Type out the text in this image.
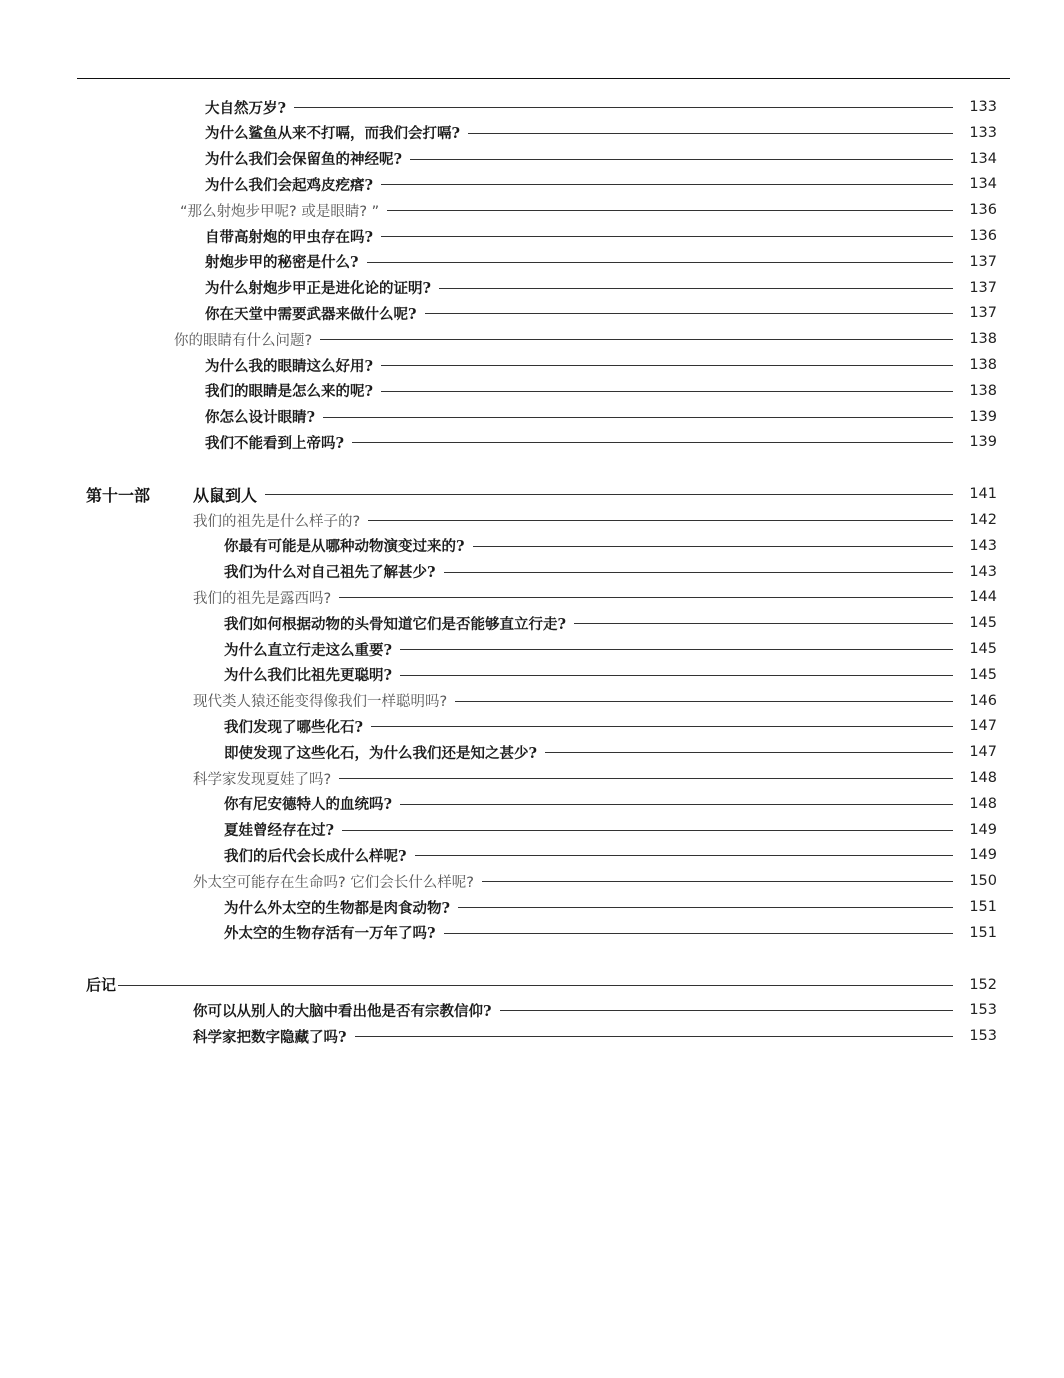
大自然万岁?	133
为什么鲨鱼从来不打嗝，而我们会打嗝?	133
为什么我们会保留鱼的神经呢?	134
为什么我们会起鸡皮疙瘩?	134
“那么射炮步甲呢? 或是眼睛? ”	136
自带高射炮的甲虫存在吗?	136
射炮步甲的秘密是什么?	137
为什么射炮步甲正是进化论的证明?	137
你在天堂中需要武器来做什么呢?	137
你的眼睛有什么问题?	138
为什么我的眼睛这么好用?	138
我们的眼睛是怎么来的呢?	138
你怎么设计眼睛?	139
我们不能看到上帝吗?	139
第十一部	从鼠到人	141
我们的祖先是什么样子的?	142
你最有可能是从哪种动物演变过来的?	143
我们为什么对自己祖先了解甚少?	143
我们的祖先是露西吗?	144
我们如何根据动物的头骨知道它们是否能够直立行走?	145
为什么直立行走这么重要?	145
为什么我们比祖先更聪明?	145
现代类人猿还能变得像我们一样聪明吗?	146
我们发现了哪些化石?	147
即使发现了这些化石，为什么我们还是知之甚少?	147
科学家发现夏娃了吗?	148
你有尼安德特人的血统吗?	148
夏娃曾经存在过?	149
我们的后代会长成什么样呢?	149
外太空可能存在生命吗? 它们会长什么样呢?	150
为什么外太空的生物都是肉食动物?	151
外太空的生物存活有一万年了吗?	151
后记	152
你可以从别人的大脑中看出他是否有宗教信仰?	153
科学家把数字隐藏了吗?	153
